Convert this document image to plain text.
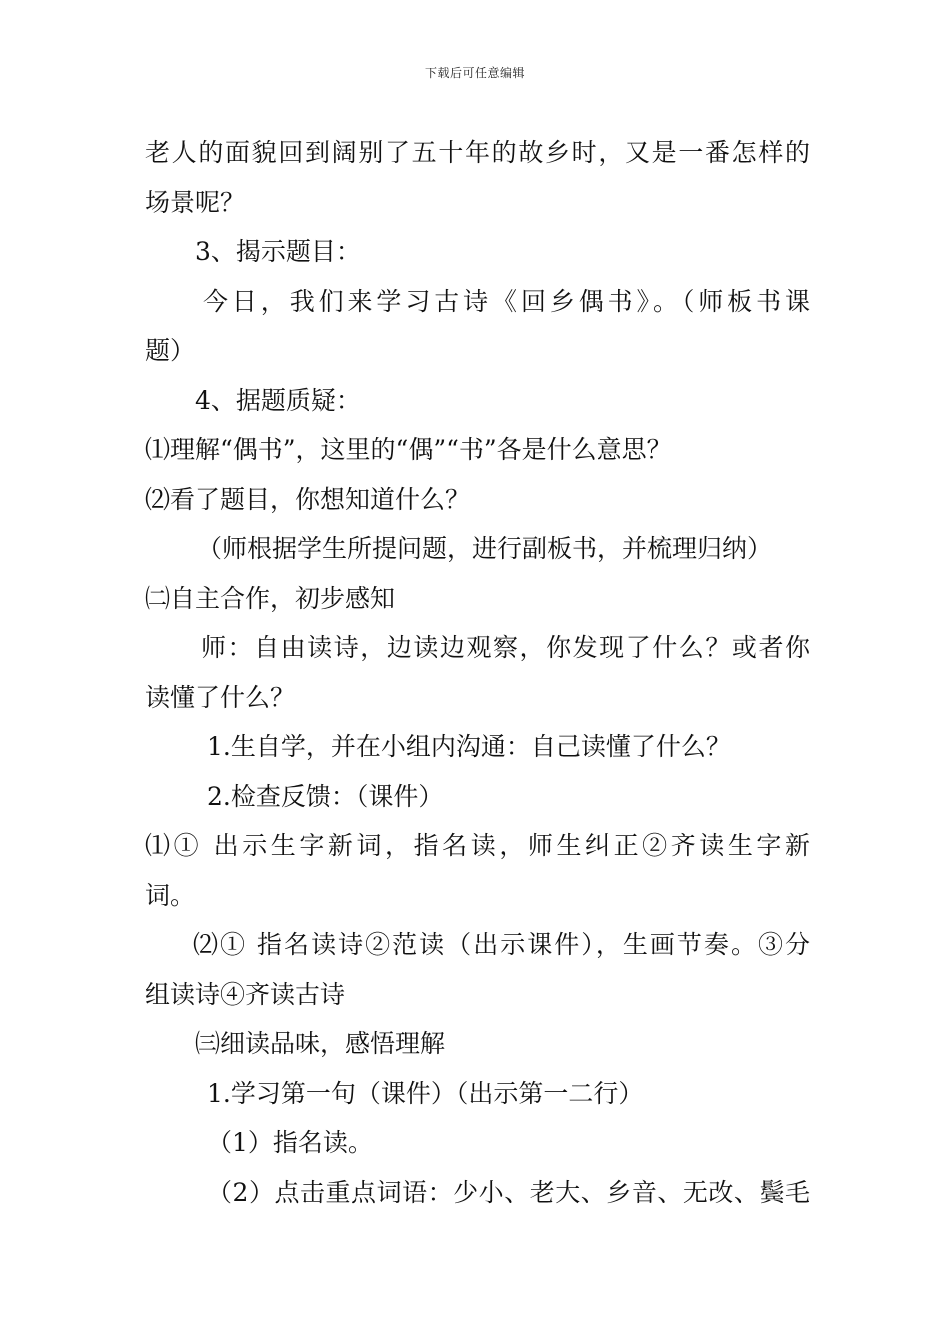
下载后可任意编辑
老人的面貌回到阔别了五十年的故乡时，又是一番怎样的
场景呢？
3、揭示题目：
今日，我们来学习古诗《回乡偶书》。（师板书课
题）
4、据题质疑：
⑴理解“偶书”，这里的“偶”“书”各是什么意思？
⑵看了题目，你想知道什么？
（师根据学生所提问题，进行副板书，并梳理归纳）
㈡自主合作，初步感知
师：自由读诗，边读边观察，你发现了什么？或者你
读懂了什么？
1.生自学，并在小组内沟通：自己读懂了什么？
2.检查反馈：（课件）
⑴① 出示生字新词，指名读，师生纠正②齐读生字新
词。
⑵① 指名读诗②范读（出示课件），生画节奏。③分
组读诗④齐读古诗
㈢细读品味，感悟理解
1.学习第一句（课件）（出示第一二行）
（1）指名读。
（2）点击重点词语：少小、老大、乡音、无改、鬓毛
